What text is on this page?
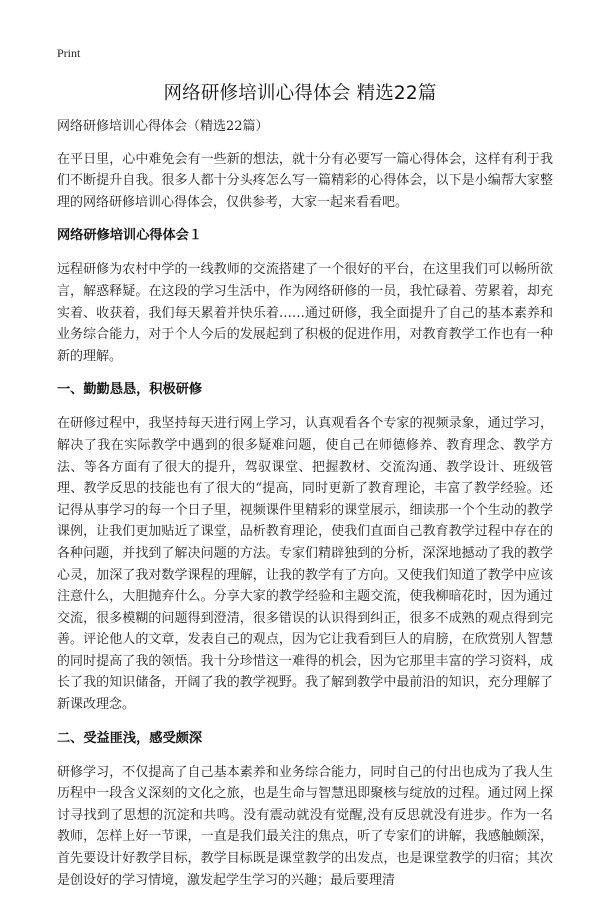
Print
网络研修培训心得体会 精选22篇

网络研修培训心得体会（精选22篇）

在平日里，心中难免会有一些新的想法，就十分有必要写一篇心得体会，这样有利于我们不断提升自我。很多人都十分头疼怎么写一篇精彩的心得体会，以下是小编帮大家整理的网络研修培训心得体会，仅供参考，大家一起来看看吧。

网络研修培训心得体会１

远程研修为农村中学的一线教师的交流搭建了一个很好的平台，在这里我们可以畅所欲言，解惑释疑。在这段的学习生活中，作为网络研修的一员，我忙碌着、劳累着，却充实着、收获着，我们每天累着并快乐着……通过研修，我全面提升了自己的基本素养和业务综合能力，对于个人今后的发展起到了积极的促进作用，对教育教学工作也有一种新的理解。

一、勤勤恳恳，积极研修

在研修过程中，我坚持每天进行网上学习，认真观看各个专家的视频录象，通过学习，解决了我在实际教学中遇到的很多疑难问题，使自己在师德修养、教育理念、教学方法、等各方面有了很大的提升，驾驭课堂、把握教材、交流沟通、教学设计、班级管理、教学反思的技能也有了很大的“提高，同时更新了教育理论，丰富了教学经验。还记得从事学习的每一个日子里，视频课件里精彩的课堂展示，细读那一个个生动的教学课例，让我们更加贴近了课堂，品析教育理论，使我们直面自己教育教学过程中存在的各种问题，并找到了解决问题的方法。专家们精辟独到的分析，深深地撼动了我的教学心灵，加深了我对数学课程的理解，让我的教学有了方向。又使我们知道了教学中应该注意什么，大胆抛弃什么。分享大家的教学经验和主题交流，使我柳暗花时，因为通过交流，很多模糊的问题得到澄清，很多错误的认识得到纠正，很多不成熟的观点得到完善。评论他人的文章，发表自己的观点，因为它让我看到巨人的肩膀，在欣赏别人智慧的同时提高了我的领悟。我十分珍惜这一难得的机会，因为它那里丰富的学习资料，成长了我的知识储备，开阔了我的教学视野。我了解到教学中最前沿的知识，充分理解了新课改理念。

二、受益匪浅，感受颇深

研修学习，不仅提高了自己基本素养和业务综合能力，同时自己的付出也成为了我人生历程中一段含义深刻的文化之旅，也是生命与智慧迅即聚核与绽放的过程。通过网上探讨寻找到了思想的沉淀和共鸣。没有震动就没有觉醒,没有反思就没有进步。作为一名教师，怎样上好一节课，一直是我们最关注的焦点，听了专家们的讲解，我感触颇深，首先要设计好教学目标，教学目标既是课堂教学的出发点，也是课堂教学的归宿；其次是创设好的学习情境，激发起学生学习的兴趣；最后要理清
